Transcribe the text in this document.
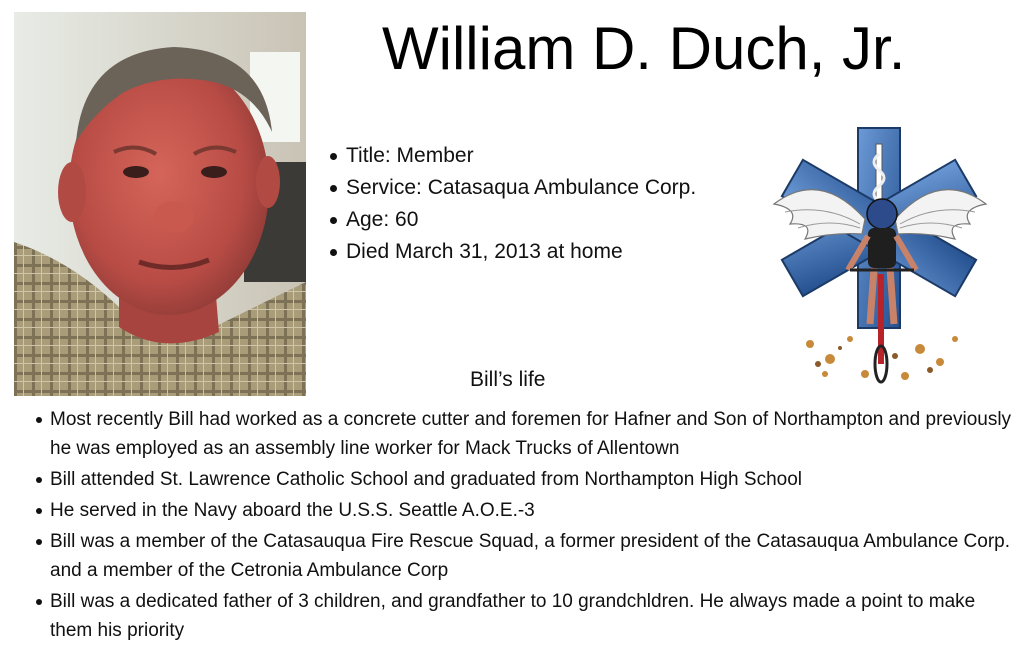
William D. Duch, Jr.
Title: Member
Service: Catasaqua Ambulance Corp.
Age: 60
Died March 31, 2013 at home
Bill’s life
Most recently Bill had worked as a concrete cutter and foremen for Hafner and Son of Northampton and previously he was employed as an assembly line worker for Mack Trucks of Allentown
Bill attended St. Lawrence Catholic School and graduated from Northampton High School
He served in the Navy aboard the U.S.S. Seattle A.O.E.-3
Bill was a member of the Catasauqua Fire Rescue Squad, a former president of the Catasauqua Ambulance Corp. and a member of the Cetronia Ambulance Corp
Bill was a dedicated father of 3 children, and grandfather to 10 grandchldren. He always made a point to make them his priority
